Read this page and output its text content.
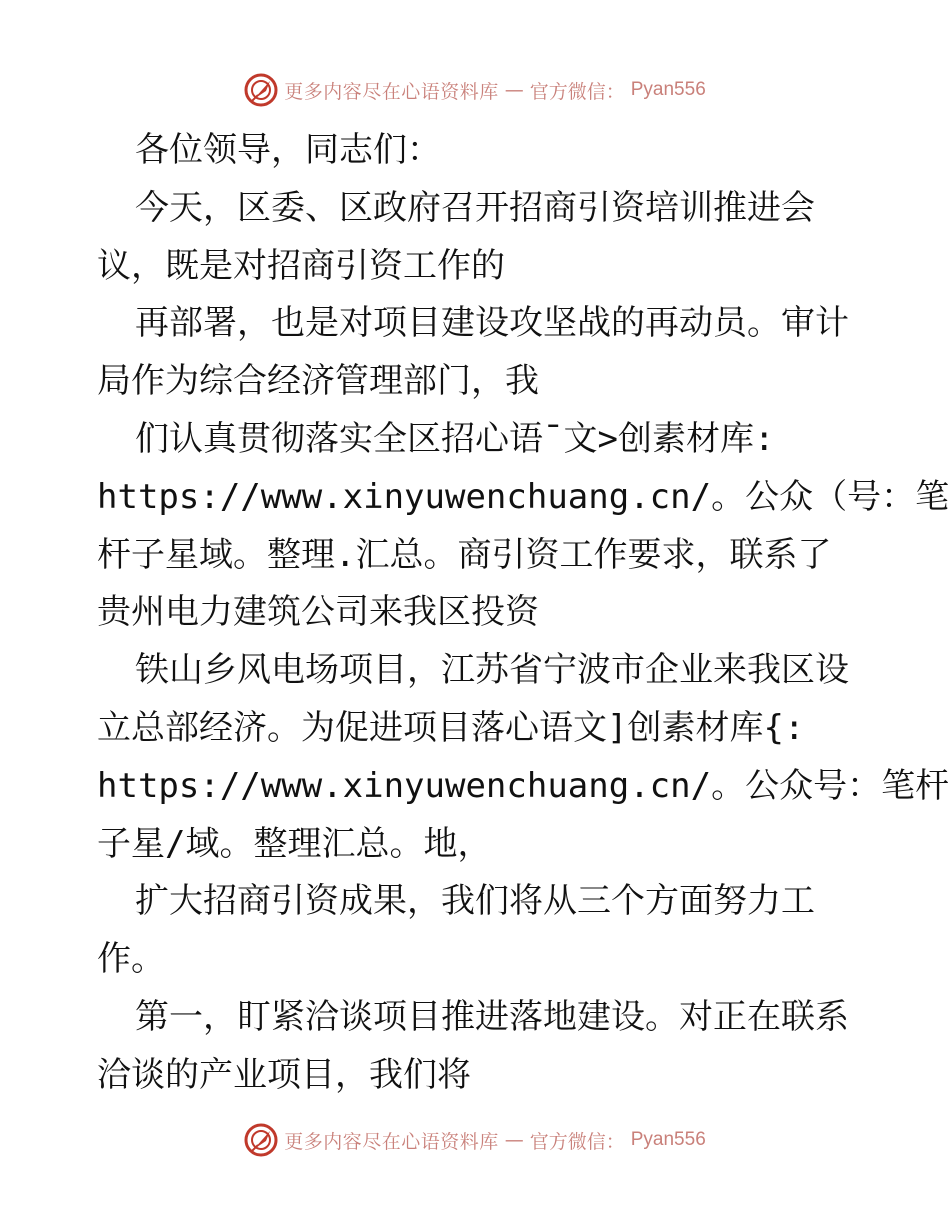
更多内容尽在心语资料库 — 官方微信： Pyan556
各位领导，同志们：
今天，区委、区政府召开招商引资培训推进会
议，既是对招商引资工作的
再部署，也是对项目建设攻坚战的再动员。审计
局作为综合经济管理部门，我
们认真贯彻落实全区招心语¯文>创素材库:
https://www.xinyuwenchuang.cn/。公众（号：笔
杆子星域。整理.汇总。商引资工作要求，联系了
贵州电力建筑公司来我区投资
铁山乡风电场项目，江苏省宁波市企业来我区设
立总部经济。为促进项目落心语文]创素材库{:
https://www.xinyuwenchuang.cn/。公众号：笔杆
子星/域。整理汇总。地，
扩大招商引资成果，我们将从三个方面努力工
作。
第一，盯紧洽谈项目推进落地建设。对正在联系
洽谈的产业项目，我们将
更多内容尽在心语资料库 — 官方微信： Pyan556
